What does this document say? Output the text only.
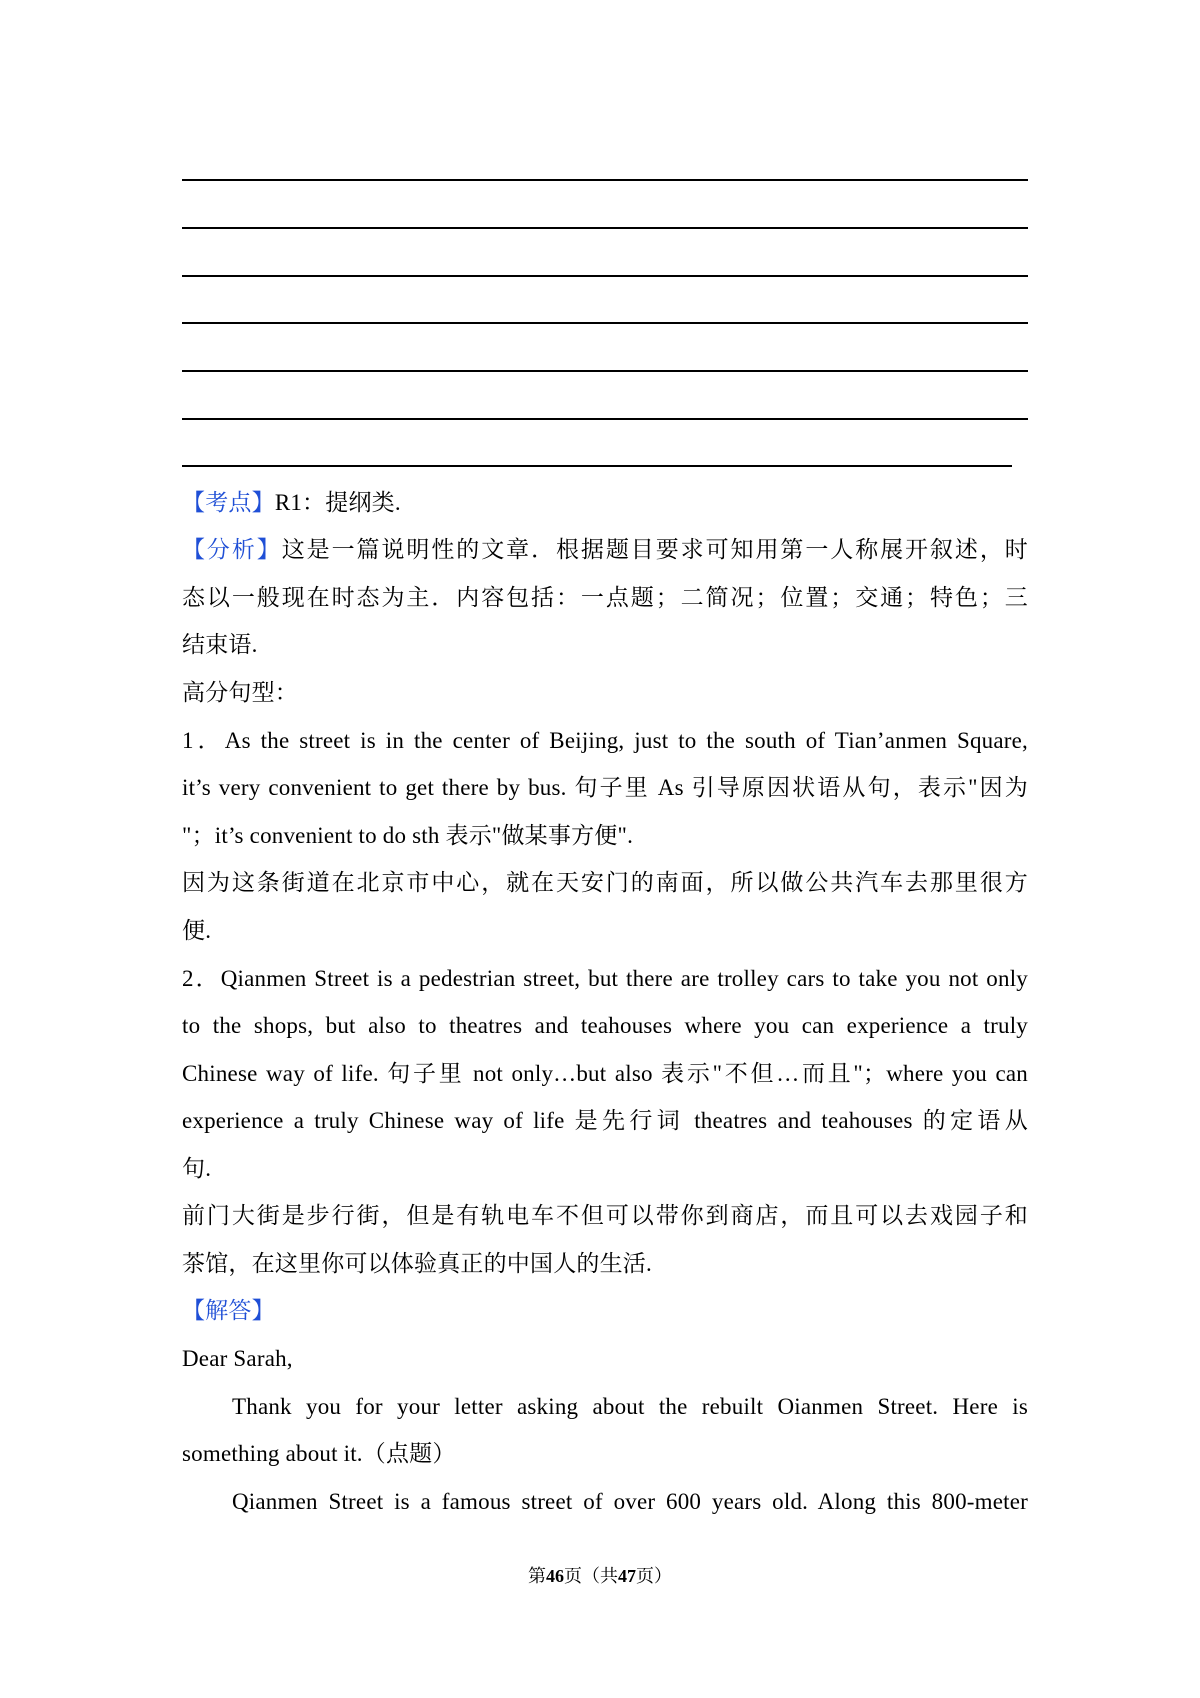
【考点】R1：提纲类.
【分析】这是一篇说明性的文章．根据题目要求可知用第一人称展开叙述，时
态以一般现在时态为主．内容包括：一点题；二简况；位置；交通；特色；三
结束语.
高分句型：
1．As the street is in the center of Beijing, just to the south of Tian’anmen Square,
it’s very convenient to get there by bus. 句子里 As 引导原因状语从句，表示"因为
"；it’s convenient to do sth 表示"做某事方便".
因为这条街道在北京市中心，就在天安门的南面，所以做公共汽车去那里很方
便.
2．Qianmen Street is a pedestrian street, but there are trolley cars to take you not only
to the shops, but also to theatres and teahouses where you can experience a truly
Chinese way of life. 句子里 not only…but also 表示"不但…而且"；where you can
experience a truly Chinese way of life 是先行词 theatres and teahouses 的定语从
句.
前门大街是步行街，但是有轨电车不但可以带你到商店，而且可以去戏园子和
茶馆，在这里你可以体验真正的中国人的生活.
【解答】
Dear Sarah,
Thank you for your letter asking about the rebuilt Oianmen Street. Here is
something about it.（点题）
Qianmen Street is a famous street of over 600 years old. Along this 800-meter
第46页（共47页）
